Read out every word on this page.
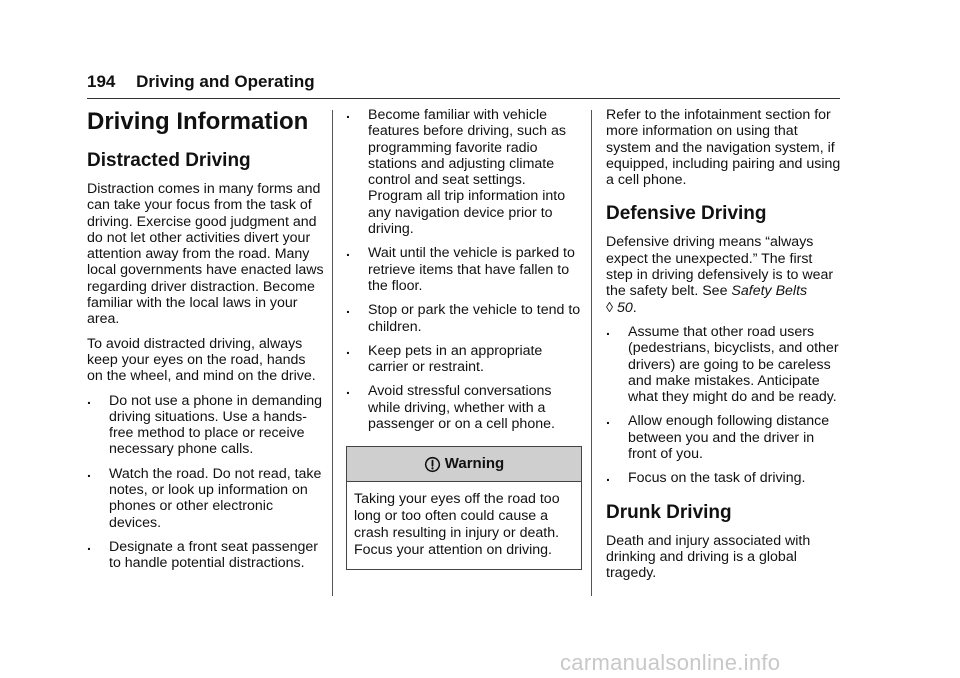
194 Driving and Operating
Driving Information
Distracted Driving

Distraction comes in many forms and can take your focus from the task of driving. Exercise good judgment and do not let other activities divert your attention away from the road. Many local governments have enacted laws regarding driver distraction. Become familiar with the local laws in your area.

To avoid distracted driving, always keep your eyes on the road, hands on the wheel, and mind on the drive.

. Do not use a phone in demanding driving situations. Use a hands-free method to place or receive necessary phone calls.
. Watch the road. Do not read, take notes, or look up information on phones or other electronic devices.
. Designate a front seat passenger to handle potential distractions.
. Become familiar with vehicle features before driving, such as programming favorite radio stations and adjusting climate control and seat settings. Program all trip information into any navigation device prior to driving.
. Wait until the vehicle is parked to retrieve items that have fallen to the floor.
. Stop or park the vehicle to tend to children.
. Keep pets in an appropriate carrier or restraint.
. Avoid stressful conversations while driving, whether with a passenger or on a cell phone.
Warning
Taking your eyes off the road too long or too often could cause a crash resulting in injury or death. Focus your attention on driving.

Refer to the infotainment section for more information on using that system and the navigation system, if equipped, including pairing and using a cell phone.

Defensive Driving

Defensive driving means “always expect the unexpected.” The first step in driving defensively is to wear the safety belt. See Safety Belts
◊ 50.

. Assume that other road users (pedestrians, bicyclists, and other drivers) are going to be careless and make mistakes. Anticipate what they might do and be ready.
. Allow enough following distance between you and the driver in front of you.
. Focus on the task of driving.
Drunk Driving

Death and injury associated with drinking and driving is a global tragedy.

carmanualsonline.info
